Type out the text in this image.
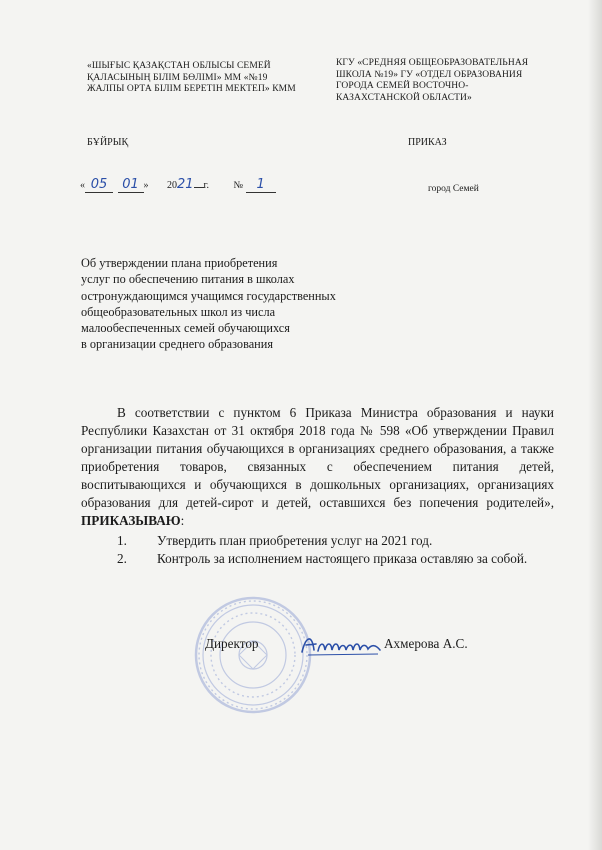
«ШЫҒЫС ҚАЗАҚСТАН ОБЛЫСЫ СЕМЕЙ
ҚАЛАСЫНЫҢ БІЛІМ БӨЛІМІ» ММ «№19
ЖАЛПЫ ОРТА БІЛІМ БЕРЕТІН МЕКТЕП» КММ
КГУ «СРЕДНЯЯ ОБЩЕОБРАЗОВАТЕЛЬНАЯ
ШКОЛА №19» ГУ «ОТДЕЛ ОБРАЗОВАНИЯ
ГОРОДА СЕМЕЙ ВОСТОЧНО-
КАЗАХСТАНСКОЙ ОБЛАСТИ»
БҰЙРЫҚ	ПРИКАЗ
« 05 01 » 2021 г. № 1	город Семей
Об утверждении плана приобретения
услуг по обеспечению питания в школах
остронуждающимся учащимся государственных
общеобразовательных школ из числа
малообеспеченных семей обучающихся
в организации среднего образования

В соответствии с пунктом 6 Приказа Министра образования и науки Республики Казахстан от 31 октября 2018 года № 598 «Об утверждении Правил организации питания обучающихся в организациях среднего образования, а также приобретения товаров, связанных с обеспечением питания детей, воспитывающихся и обучающихся в дошкольных организациях, организациях образования для детей-сирот и детей, оставшихся без попечения родителей», ПРИКАЗЫВАЮ:

1. Утвердить план приобретения услуг на 2021 год.
2. Контроль за исполнением настоящего приказа оставляю за собой.
Директор	Ахмерова А.С.
